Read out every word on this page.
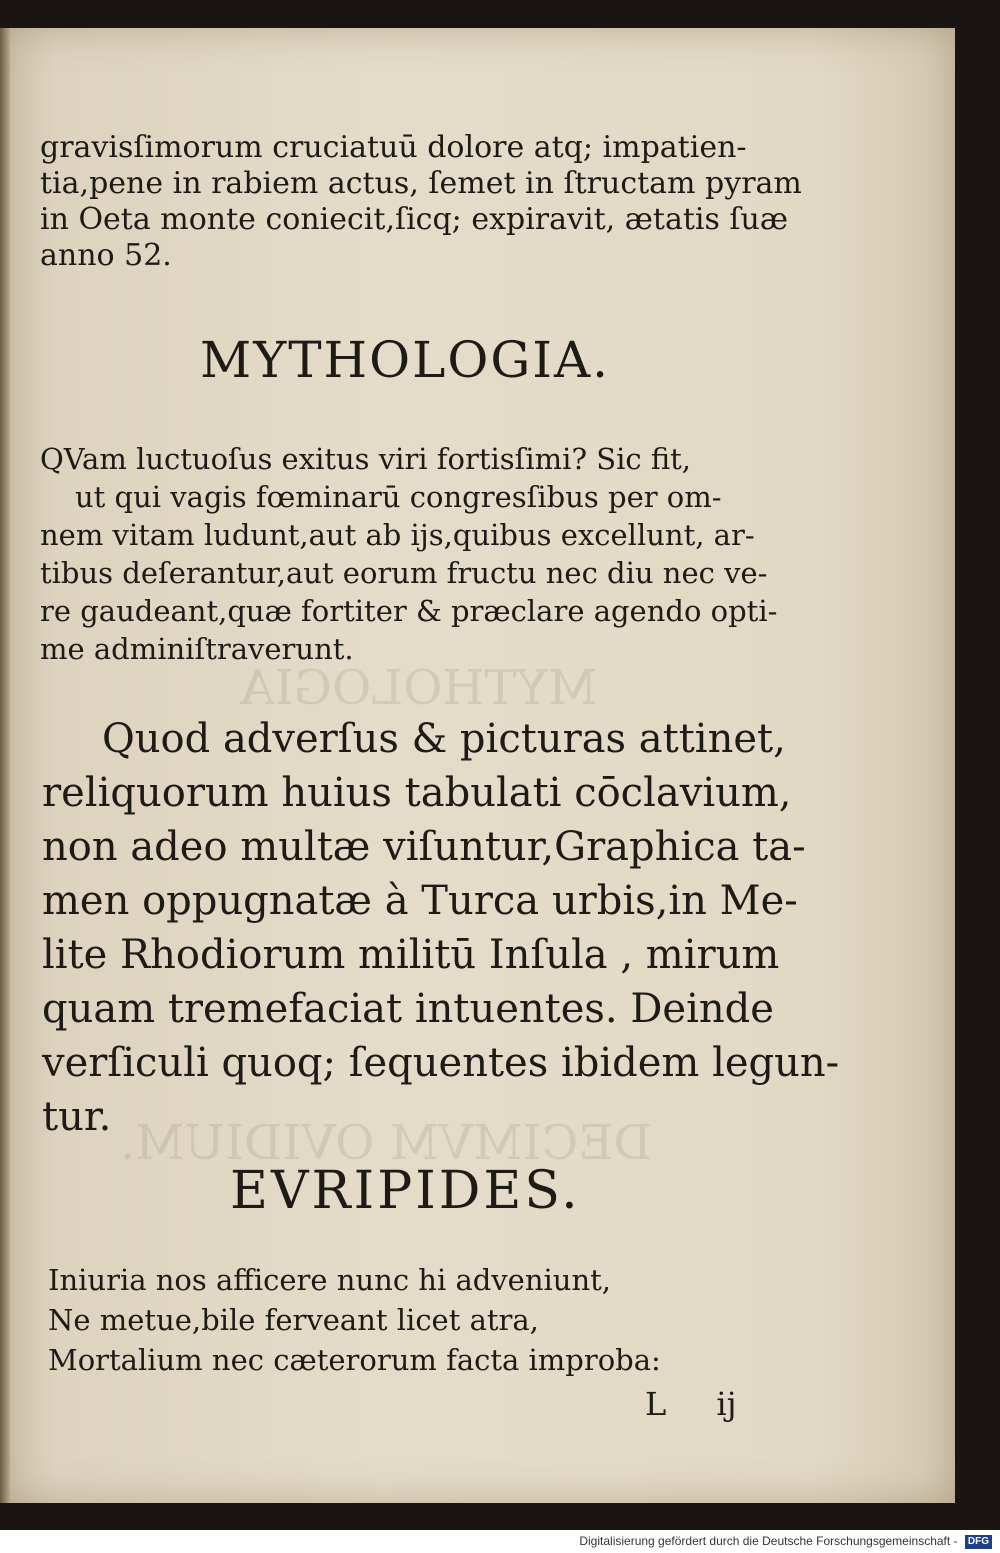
MYTHOLOGIA
DECIMVM OVIDIUM.
gravisſimorum cruciatuū dolore atq; impatien-
tia,pene in rabiem actus, ſemet in ſtructam pyram
in Oeta monte coniecit,ſicq; expiravit, ætatis ſuæ
anno 52.
MYTHOLOGIA.
QVam luctuoſus exitus viri fortisſimi? Sic fit,
ut qui vagis fœminarū congresſibus per om-
nem vitam ludunt,aut ab ijs,quibus excellunt, ar-
tibus deſerantur,aut eorum fructu nec diu nec ve-
re gaudeant,quæ fortiter & præclare agendo opti-
me adminiſtraverunt.
Quod adverſus & picturas attinet,
reliquorum huius tabulati cōclavium,
non adeo multæ viſuntur,Graphica ta-
men oppugnatæ à Turca urbis,in Me-
lite Rhodiorum militū Inſula , mirum
quam tremefaciat intuentes. Deinde
verſiculi quoq; ſequentes ibidem legun-
tur.
EVRIPIDES.
Iniuria nos afficere nunc hi adveniunt,
Ne metue,bile ferveant licet atra,
Mortalium nec cæterorum facta improba:
L ij
Digitalisierung gefördert durch die Deutsche Forschungsgemeinschaft - DFG
